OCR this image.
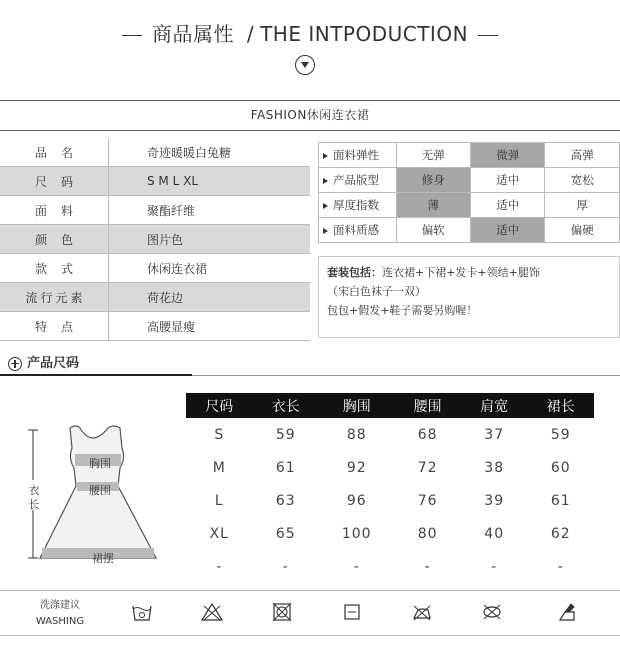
商品属性 / THE INTPODUCTION
FASHION休闲连衣裙
品名	奇迹暖暖白兔糖
尺码	S M L XL
面料	聚酯纤维
颜色	图片色
款式	休闲连衣裙
流行元素	荷花边
特点	高腰显瘦
面料弹性	无弹	微弹	高弹
产品版型	修身	适中	宽松
厚度指数	薄	适中	厚
面料质感	偏软	适中	偏硬
套装包括：连衣裙+下裙+发卡+领结+腿饰
（宋白色袜子一双）
包包+假发+鞋子需要另购喔！
产品尺码
衣长
胸围
腰围
裙摆
尺码	衣长	胸围	腰围	肩宽	裙长
S	59	88	68	37	59
M	61	92	72	38	60
L	63	96	76	39	61
XL	65	100	80	40	62
-	-	-	-	-	-
洗涤建议
WASHING
